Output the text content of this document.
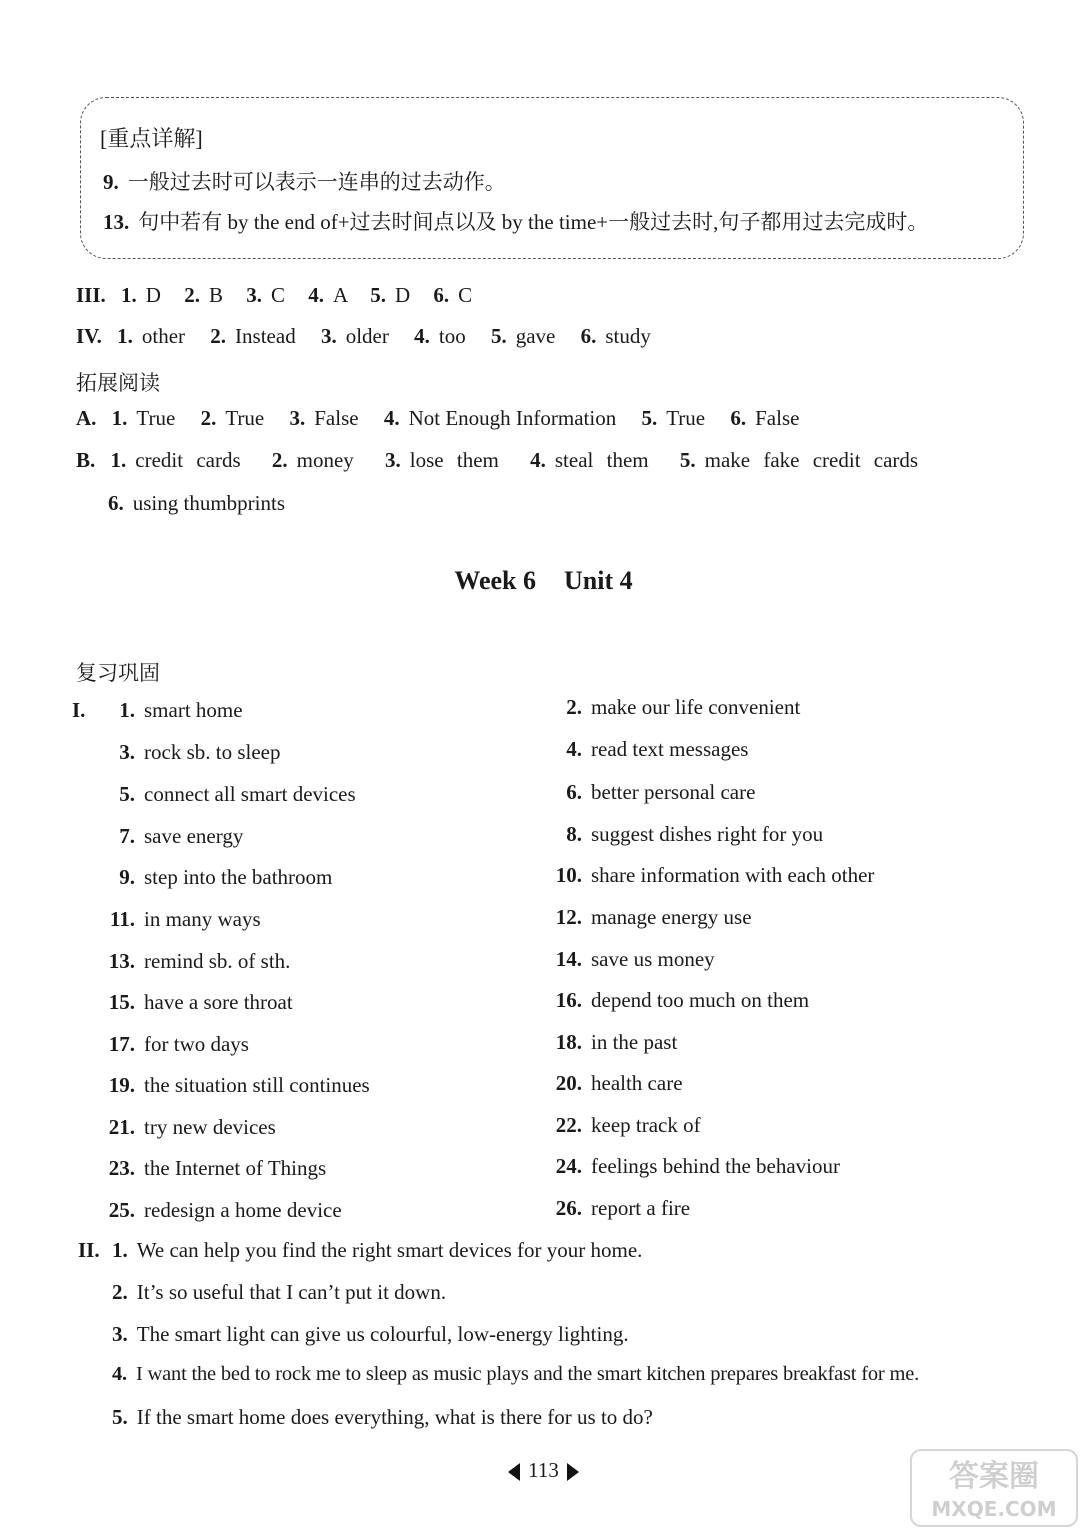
[重点详解]
9. 一般过去时可以表示一连串的过去动作。
13. 句中若有 by the end of+过去时间点以及 by the time+一般过去时,句子都用过去完成时。
III. 1. D 2. B 3. C 4. A 5. D 6. C
IV. 1. other 2. Instead 3. older 4. too 5. gave 6. study
拓展阅读
A. 1. True 2. True 3. False 4. Not Enough Information 5. True 6. False
B. 1. credit cards 2. money 3. lose them 4. steal them 5. make fake credit cards
6. using thumbprints
Week 6 Unit 4
复习巩固
I.	1. smart home	2. make our life convenient
3. rock sb. to sleep	4. read text messages
5. connect all smart devices	6. better personal care
7. save energy	8. suggest dishes right for you
9. step into the bathroom	10. share information with each other
11. in many ways	12. manage energy use
13. remind sb. of sth.	14. save us money
15. have a sore throat	16. depend too much on them
17. for two days	18. in the past
19. the situation still continues	20. health care
21. try new devices	22. keep track of
23. the Internet of Things	24. feelings behind the behaviour
25. redesign a home device	26. report a fire
II. 1. We can help you find the right smart devices for your home.
2. It’s so useful that I can’t put it down.
3. The smart light can give us colourful, low-energy lighting.
4. I want the bed to rock me to sleep as music plays and the smart kitchen prepares breakfast for me.
5. If the smart home does everything, what is there for us to do?
113	答案圈
MXQE.COM
